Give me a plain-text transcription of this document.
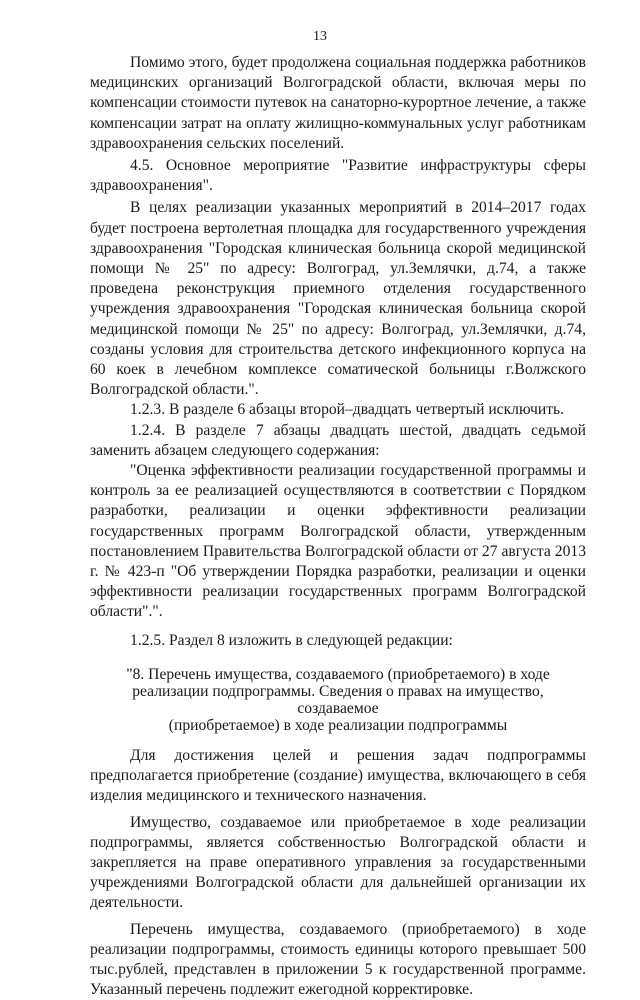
13

Помимо этого, будет продолжена социальная поддержка работников медицинских организаций Волгоградской области, включая меры по компенсации стоимости путевок на санаторно-курортное лечение, а также компенсации затрат на оплату жилищно-коммунальных услуг работникам здравоохранения сельских поселений.

4.5. Основное мероприятие "Развитие инфраструктуры сферы здравоохранения".

В целях реализации указанных мероприятий в 2014–2017 годах будет построена вертолетная площадка для государственного учреждения здравоохранения "Городская клиническая больница скорой медицинской помощи № 25" по адресу: Волгоград, ул.Землячки, д.74, а также проведена реконструкция приемного отделения государственного учреждения здравоохранения "Городская клиническая больница скорой медицинской помощи № 25" по адресу: Волгоград, ул.Землячки, д.74, созданы условия для строительства детского инфекционного корпуса на 60 коек в лечебном комплексе соматической больницы г.Волжского Волгоградской области.".

1.2.3. В разделе 6 абзацы второй–двадцать четвертый исключить.

1.2.4. В разделе 7 абзацы двадцать шестой, двадцать седьмой заменить абзацем следующего содержания:

"Оценка эффективности реализации государственной программы и контроль за ее реализацией осуществляются в соответствии с Порядком разработки, реализации и оценки эффективности реализации государственных программ Волгоградской области, утвержденным постановлением Правительства Волгоградской области от 27 августа 2013 г. № 423-п "Об утверждении Порядка разработки, реализации и оценки эффективности реализации государственных программ Волгоградской области".".

1.2.5. Раздел 8 изложить в следующей редакции:

"8. Перечень имущества, создаваемого (приобретаемого) в ходе
реализации подпрограммы. Сведения о правах на имущество, создаваемое
(приобретаемое) в ходе реализации подпрограммы

Для достижения целей и решения задач подпрограммы предполагается приобретение (создание) имущества, включающего в себя изделия медицинского и технического назначения.

Имущество, создаваемое или приобретаемое в ходе реализации подпрограммы, является собственностью Волгоградской области и закрепляется на праве оперативного управления за государственными учреждениями Волгоградской области для дальнейшей организации их деятельности.

Перечень имущества, создаваемого (приобретаемого) в ходе реализации подпрограммы, стоимость единицы которого превышает 500 тыс.рублей, представлен в приложении 5 к государственной программе. Указанный перечень подлежит ежегодной корректировке.
